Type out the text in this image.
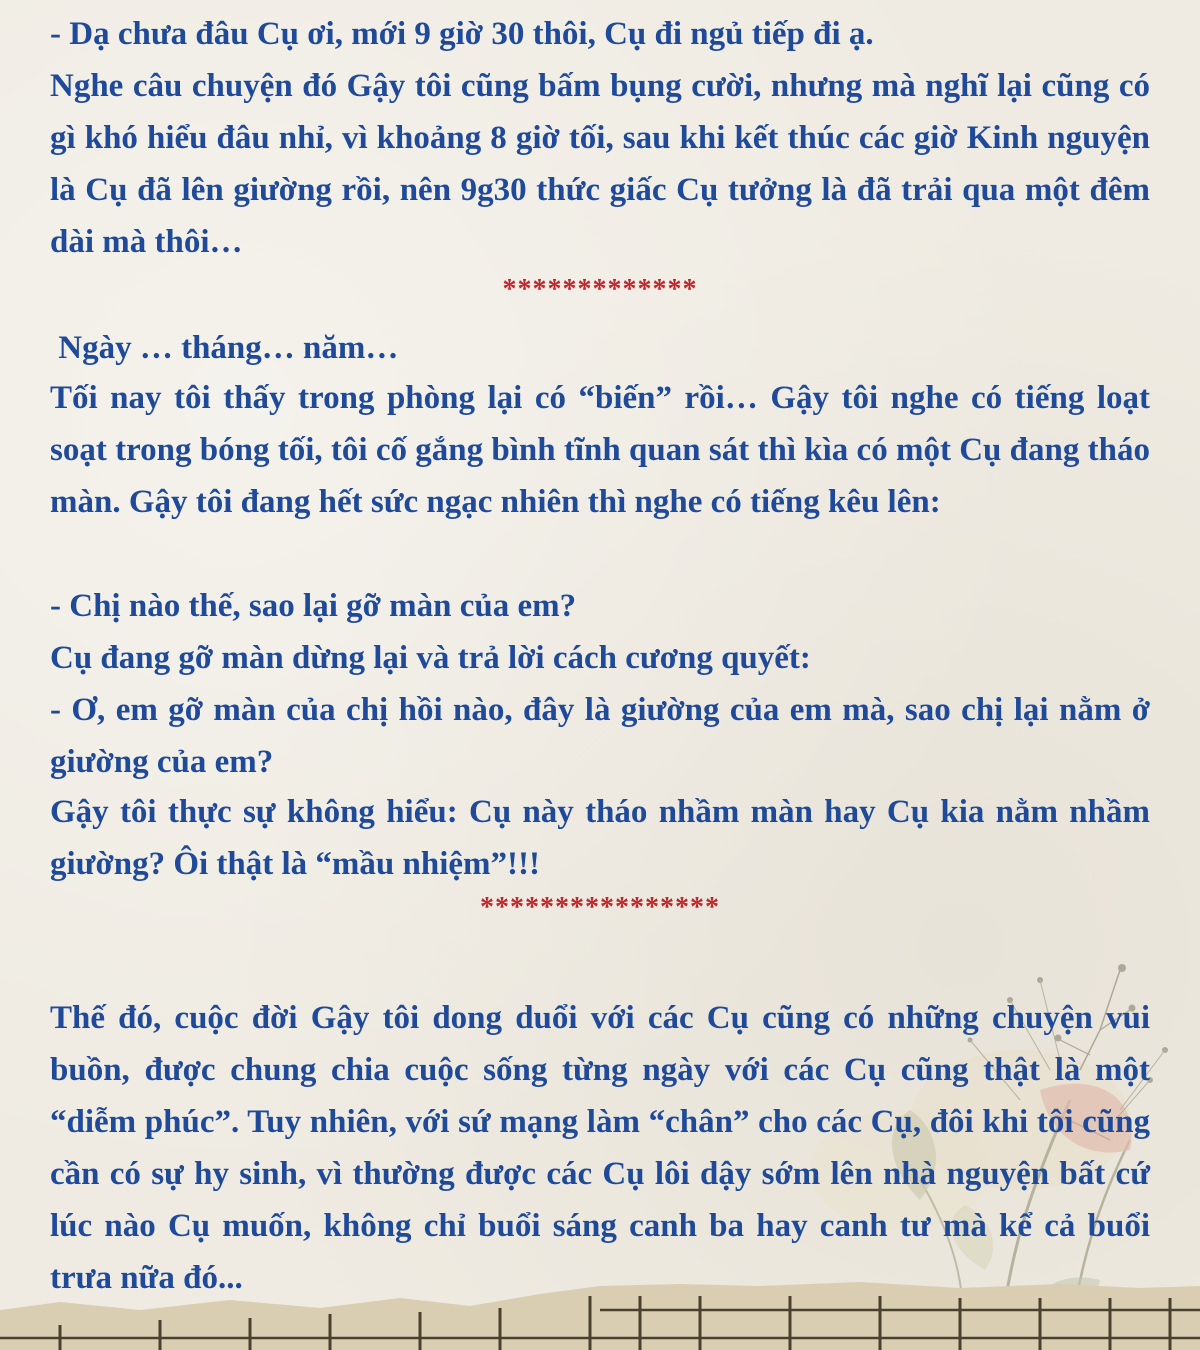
- Dạ chưa đâu Cụ ơi, mới 9 giờ 30 thôi, Cụ đi ngủ tiếp đi ạ.

Nghe câu chuyện đó Gậy tôi cũng bấm bụng cười, nhưng mà nghĩ lại cũng có gì khó hiểu đâu nhỉ, vì khoảng 8 giờ tối, sau khi kết thúc các giờ Kinh nguyện là Cụ đã lên giường rồi, nên 9g30 thức giấc Cụ tưởng là đã trải qua một đêm dài mà thôi…

*************

Ngày … tháng… năm…

Tối nay tôi thấy trong phòng lại có “biến” rồi… Gậy tôi nghe có tiếng loạt soạt trong bóng tối, tôi cố gắng bình tĩnh quan sát thì kìa có một Cụ đang tháo màn. Gậy tôi đang hết sức ngạc nhiên thì nghe có tiếng kêu lên:

- Chị nào thế, sao lại gỡ màn của em?

Cụ đang gỡ màn dừng lại và trả lời cách cương quyết:

- Ơ, em gỡ màn của chị hồi nào, đây là giường của em mà, sao chị lại nằm ở giường của em?

Gậy tôi thực sự không hiểu: Cụ này tháo nhầm màn hay Cụ kia nằm nhầm giường? Ôi thật là “mầu nhiệm”!!!

****************

Thế đó, cuộc đời Gậy tôi dong duổi với các Cụ cũng có những chuyện vui buồn, được chung chia cuộc sống từng ngày với các Cụ cũng thật là một “diễm phúc”. Tuy nhiên, với sứ mạng làm “chân” cho các Cụ, đôi khi tôi cũng cần có sự hy sinh, vì thường được các Cụ lôi dậy sớm lên nhà nguyện bất cứ lúc nào Cụ muốn, không chỉ buổi sáng canh ba hay canh tư mà kể cả buổi trưa nữa đó...
